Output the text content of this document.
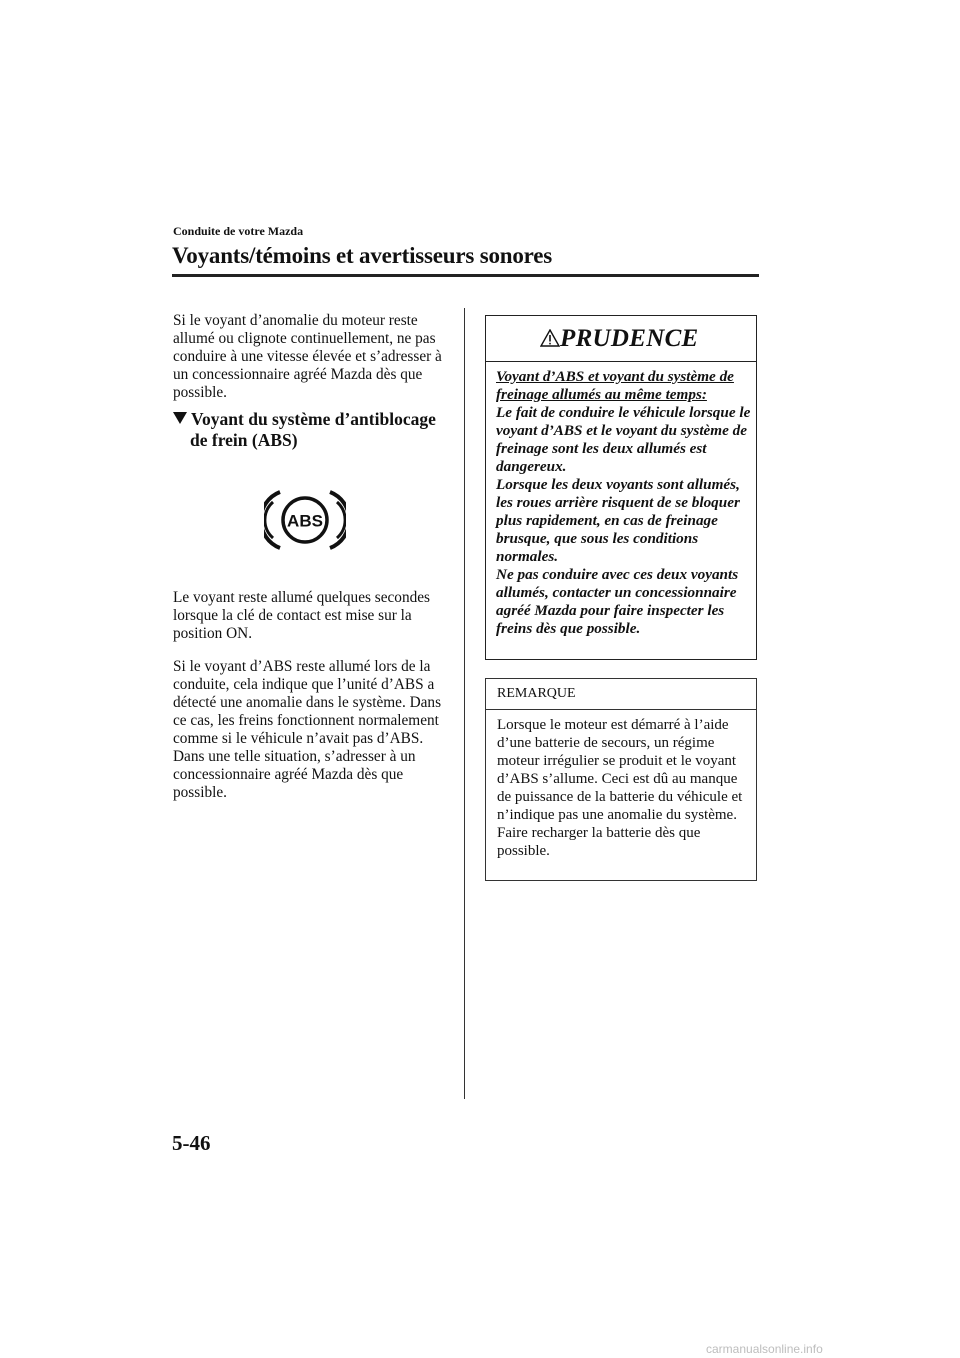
Conduite de votre Mazda
Voyants/témoins et avertisseurs sonores

Si le voyant d’anomalie du moteur reste allumé ou clignote continuellement, ne pas conduire à une vitesse élevée et s’adresser à un concessionnaire agréé Mazda dès que possible.

Voyant du système d’antiblocage
de frein (ABS)
ABS

Le voyant reste allumé quelques secondes lorsque la clé de contact est mise sur la position ON.

Si le voyant d’ABS reste allumé lors de la conduite, cela indique que l’unité d’ABS a détecté une anomalie dans le système. Dans ce cas, les freins fonctionnent normalement comme si le véhicule n’avait pas d’ABS.
Dans une telle situation, s’adresser à un concessionnaire agréé Mazda dès que possible.
PRUDENCE
Voyant d’ABS et voyant du système de freinage allumés au même temps:
Le fait de conduire le véhicule lorsque le voyant d’ABS et le voyant du système de freinage sont les deux allumés est dangereux.
Lorsque les deux voyants sont allumés, les roues arrière risquent de se bloquer plus rapidement, en cas de freinage brusque, que sous les conditions normales.
Ne pas conduire avec ces deux voyants allumés, contacter un concessionnaire agréé Mazda pour faire inspecter les freins dès que possible.
REMARQUE
Lorsque le moteur est démarré à l’aide d’une batterie de secours, un régime moteur irrégulier se produit et le voyant d’ABS s’allume. Ceci est dû au manque de puissance de la batterie du véhicule et n’indique pas une anomalie du système.
Faire recharger la batterie dès que possible.
5-46
carmanualsonline.info
